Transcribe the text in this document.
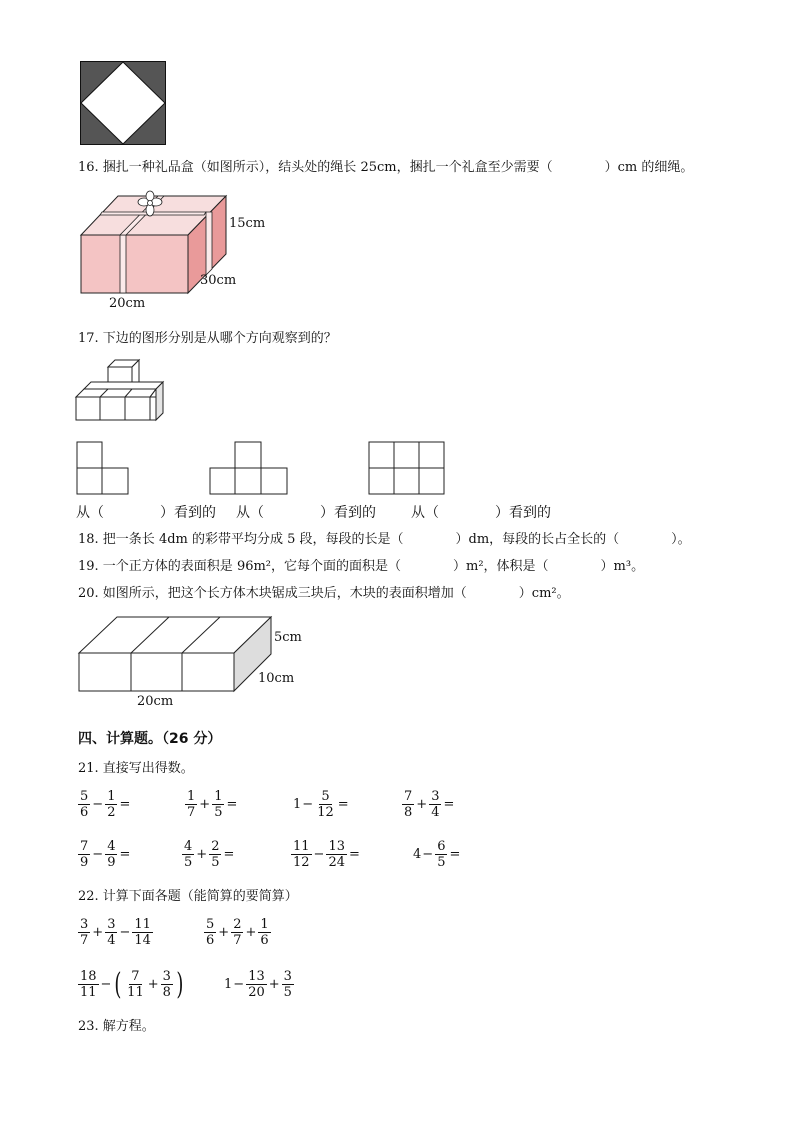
16. 捆扎一种礼品盒（如图所示），结头处的绳长 25cm，捆扎一个礼盒至少需要（　　　　）cm 的细绳。
15cm
30cm
20cm
17. 下边的图形分别是从哪个方向观察到的？
从（　　　　）看到的 从（　　　　）看到的	从（　　　　）看到的
18. 把一条长 4dm 的彩带平均分成 5 段，每段的长是（　　　　）dm，每段的长占全长的（　　　　）。
19. 一个正方体的表面积是 96m²，它每个面的面积是（　　　　）m²，体积是（　　　　）m³。
20. 如图所示，把这个长方体木块锯成三块后，木块的表面积增加（　　　　）cm²。
5cm
10cm
20cm
四、计算题。（26 分）
21. 直接写出得数。
$\frac{5}{6} - \frac{1}{2}$ =	$\frac{1}{7} + \frac{1}{5}$ =	$1 - \frac{5}{12}$ =	$\frac{7}{8} + \frac{3}{4}$ =
$\frac{7}{9} - \frac{4}{9}$ =	$\frac{4}{5} + \frac{2}{5}$ =	$\frac{11}{12} - \frac{13}{24}$ =	$4 - \frac{6}{5}$ =
22. 计算下面各题（能简算的要简算）
$\frac{3}{7} + \frac{3}{4} - \frac{11}{14}$	$\frac{5}{6} + \frac{2}{7} + \frac{1}{6}$
$\frac{18}{11}$ − ( $\frac{7}{11} + \frac{3}{8}$ )	$1 - \frac{13}{20} + \frac{3}{5}$
23. 解方程。
